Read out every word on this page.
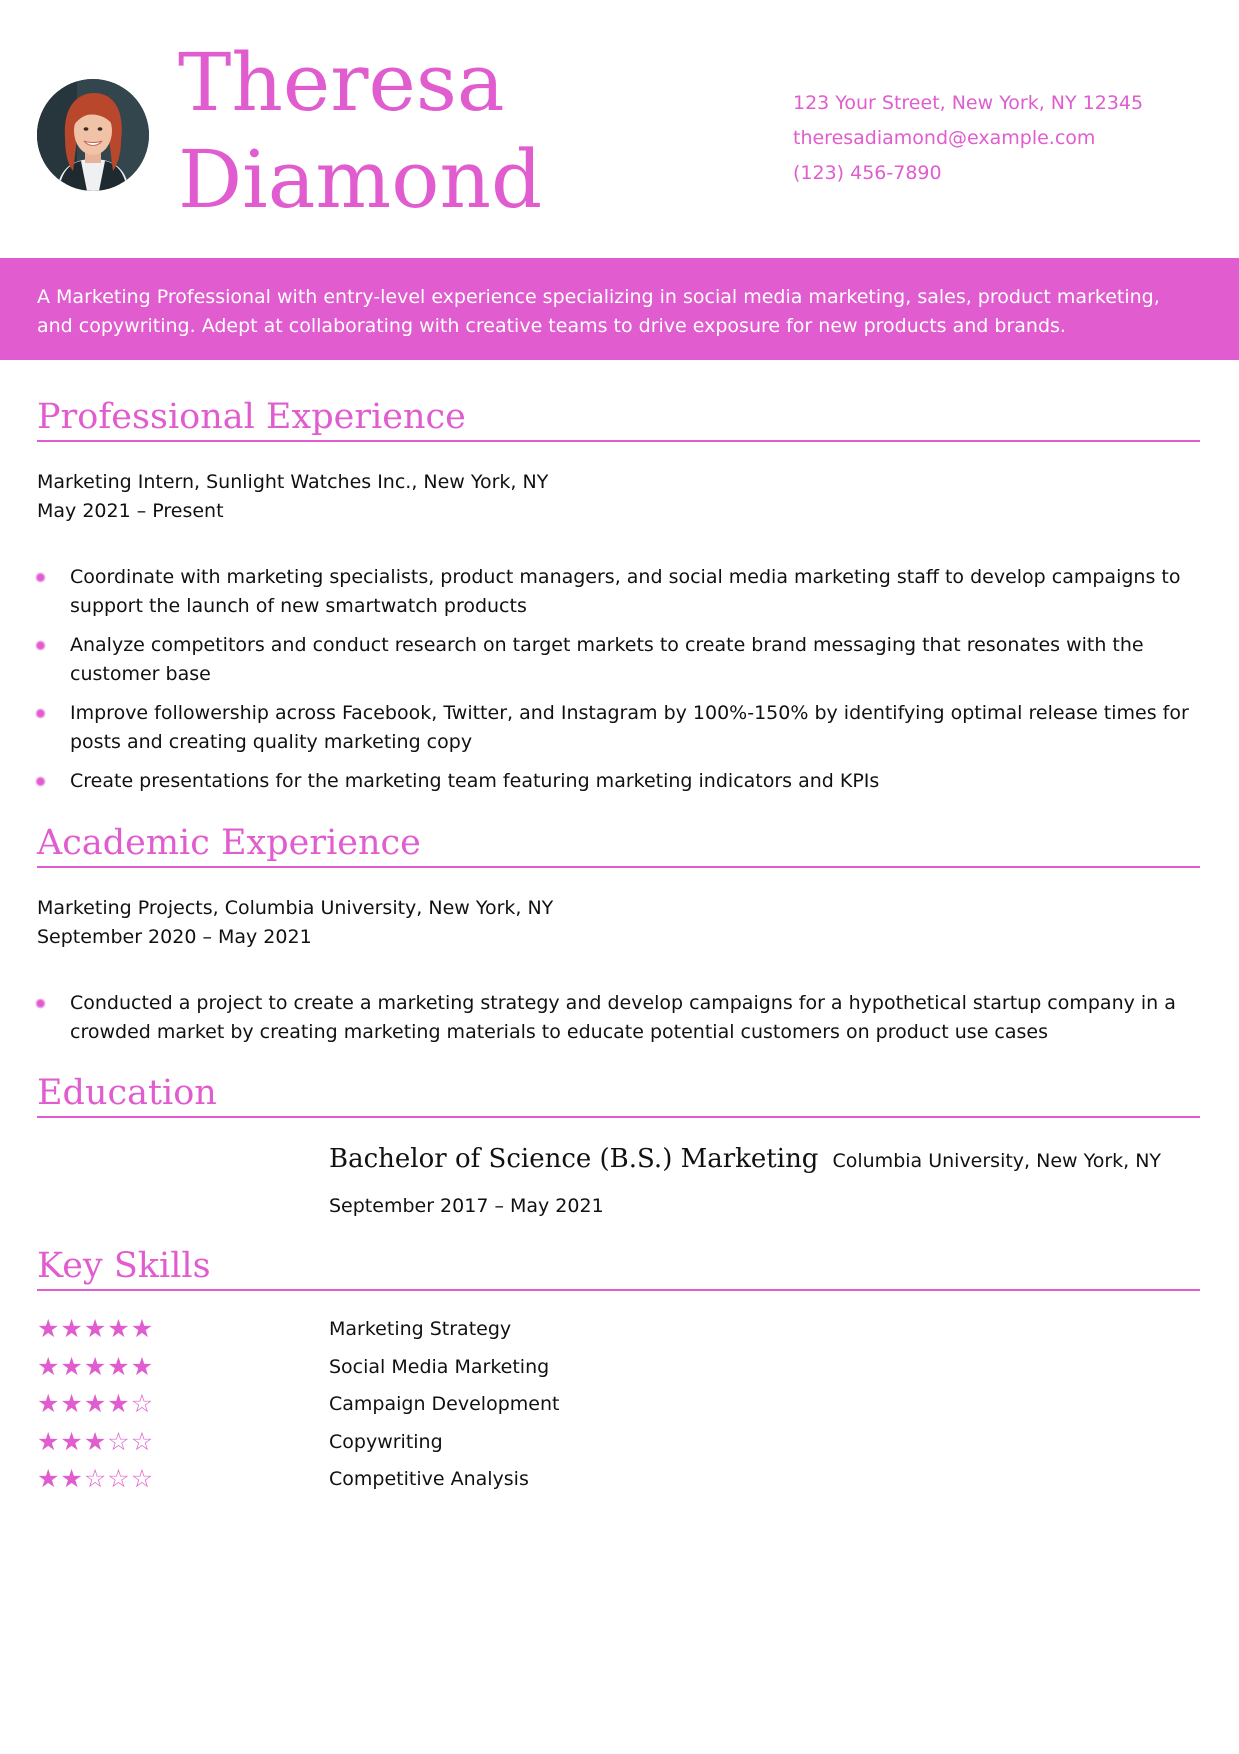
Theresa
Diamond
123 Your Street, New York, NY 12345
theresadiamond@example.com
(123) 456-7890

A Marketing Professional with entry-level experience specializing in social media marketing, sales, product marketing, and copywriting. Adept at collaborating with creative teams to drive exposure for new products and brands.

Professional Experience
Marketing Intern, Sunlight Watches Inc., New York, NY
May 2021 – Present
Coordinate with marketing specialists, product managers, and social media marketing staff to develop campaigns to support the launch of new smartwatch products
Analyze competitors and conduct research on target markets to create brand messaging that resonates with the customer base
Improve followership across Facebook, Twitter, and Instagram by 100%-150% by identifying optimal release times for posts and creating quality marketing copy
Create presentations for the marketing team featuring marketing indicators and KPIs
Academic Experience
Marketing Projects, Columbia University, New York, NY
September 2020 – May 2021
Conducted a project to create a marketing strategy and develop campaigns for a hypothetical startup company in a crowded market by creating marketing materials to educate potential customers on product use cases
Education
Bachelor of Science (B.S.) Marketing Columbia University, New York, NY
September 2017 – May 2021
Key Skills
★★★★★	Marketing Strategy
★★★★★	Social Media Marketing
★★★★☆	Campaign Development
★★★☆☆	Copywriting
★★☆☆☆	Competitive Analysis
